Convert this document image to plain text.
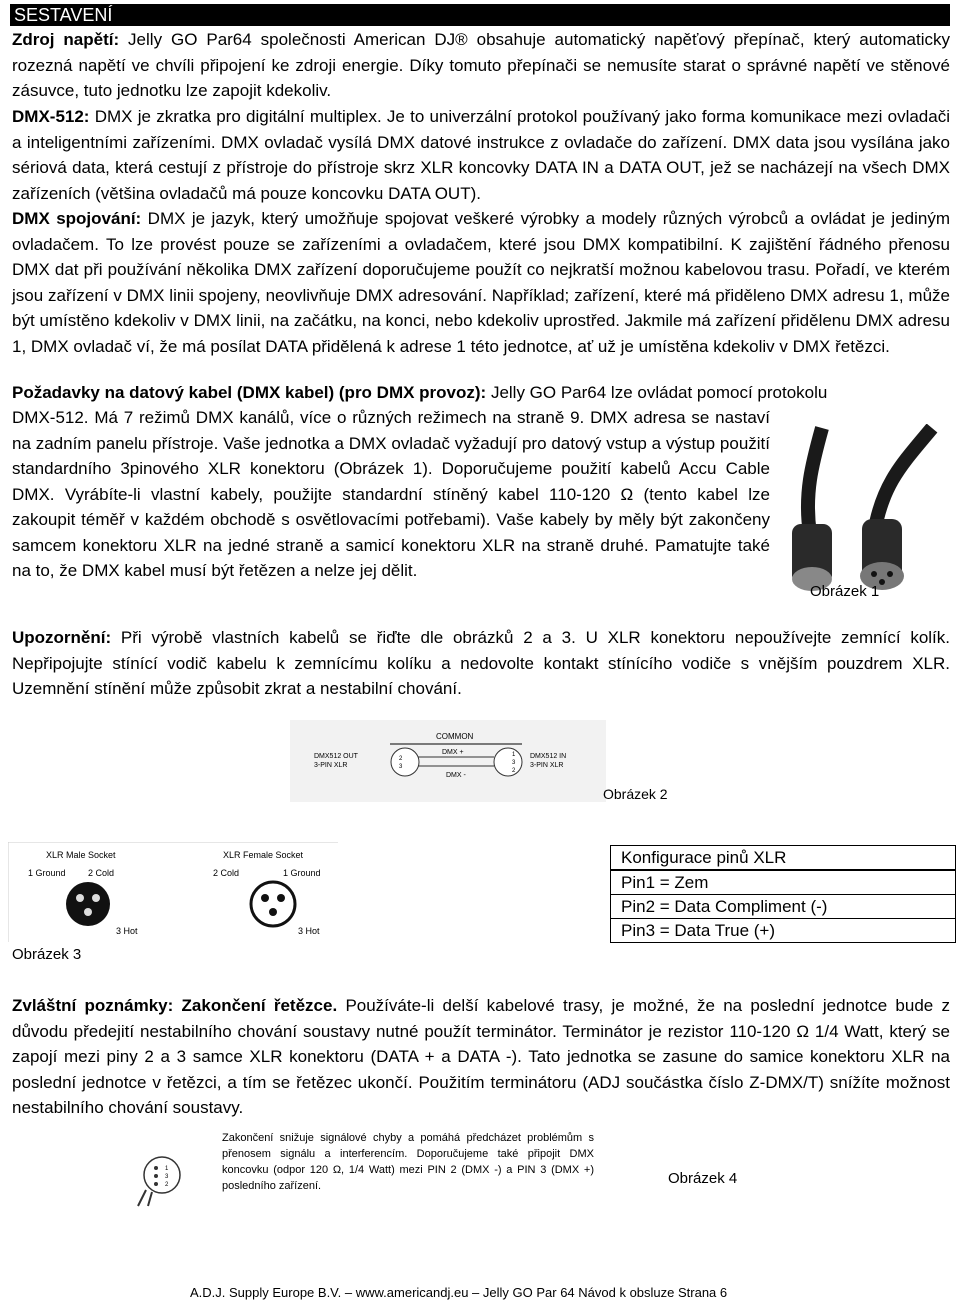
SESTAVENÍ

Zdroj napětí: Jelly GO Par64 společnosti American DJ® obsahuje automatický napěťový přepínač, který automaticky rozezná napětí ve chvíli připojení ke zdroji energie. Díky tomuto přepínači se nemusíte starat o správné napětí ve stěnové zásuvce, tuto jednotku lze zapojit kdekoliv.

DMX-512: DMX je zkratka pro digitální multiplex. Je to univerzální protokol používaný jako forma komunikace mezi ovladači a inteligentními zařízeními. DMX ovladač vysílá DMX datové instrukce z ovladače do zařízení. DMX data jsou vysílána jako sériová data, která cestují z přístroje do přístroje skrz XLR koncovky DATA IN a DATA OUT, jež se nacházejí na všech DMX zařízeních (většina ovladačů má pouze koncovku DATA OUT).

DMX spojování: DMX je jazyk, který umožňuje spojovat veškeré výrobky a modely různých výrobců a ovládat je jediným ovladačem. To lze provést pouze se zařízeními a ovladačem, které jsou DMX kompatibilní. K zajištění řádného přenosu DMX dat při používání několika DMX zařízení doporučujeme použít co nejkratší možnou kabelovou trasu. Pořadí, ve kterém jsou zařízení v DMX linii spojeny, neovlivňuje DMX adresování. Například; zařízení, které má přiděleno DMX adresu 1, může být umístěno kdekoliv v DMX linii, na začátku, na konci, nebo kdekoliv uprostřed. Jakmile má zařízení přidělenu DMX adresu 1, DMX ovladač ví, že má posílat DATA přidělená k adrese 1 této jednotce, ať už je umístěna kdekoliv v DMX řetězci.

Požadavky na datový kabel (DMX kabel) (pro DMX provoz): Jelly GO Par64 lze ovládat pomocí protokolu

DMX-512. Má 7 režimů DMX kanálů, více o různých režimech na straně 9. DMX adresa se nastaví na zadním panelu přístroje. Vaše jednotka a DMX ovladač vyžadují pro datový vstup a výstup použití standardního 3pinového XLR konektoru (Obrázek 1). Doporučujeme použití kabelů Accu Cable DMX. Vyrábíte-li vlastní kabely, použijte standardní stíněný kabel 110-120 Ω (tento kabel lze zakoupit téměř v každém obchodě s osvětlovacími potřebami). Vaše kabely by měly být zakončeny samcem konektoru XLR na jedné straně a samicí konektoru XLR na straně druhé. Pamatujte také na to, že DMX kabel musí být řetězen a nelze jej dělit.

Obrázek 1

Upozornění: Při výrobě vlastních kabelů se řiďte dle obrázků 2 a 3. U XLR konektoru nepoužívejte zemnící kolík. Nepřipojujte stínící vodič kabelu k zemnícímu kolíku a nedovolte kontakt stínícího vodiče s vnějším pouzdrem XLR. Uzemnění stínění může způsobit zkrat a nestabilní chování.

COMMON
DMX512 OUT
3-PIN XLR
2
3
1
3
2
DMX +
DMX -
DMX512 IN
3-PIN XLR
Obrázek 2
XLR Male Socket
1 Ground 2 Cold
3 Hot
XLR Female Socket
2 Cold	1 Ground
3 Hot
Obrázek 3
Konfigurace pinů XLR
Pin1 = Zem
Pin2 = Data Compliment (-)
Pin3 = Data True (+)

Zvláštní poznámky: Zakončení řetězce. Používáte-li delší kabelové trasy, je možné, že na poslední jednotce bude z důvodu předejití nestabilního chování soustavy nutné použít terminátor. Terminátor je rezistor 110-120 Ω 1/4 Watt, který se zapojí mezi piny 2 a 3 samce XLR konektoru (DATA + a DATA -). Tato jednotka se zasune do samice konektoru XLR na poslední jednotce v řetězci, a tím se řetězec ukončí. Použitím terminátoru (ADJ součástka číslo Z-DMX/T) snížíte možnost nestabilního chování soustavy.

1
3
2
Zakončení snižuje signálové chyby a pomáhá předcházet problémům s přenosem signálu a interferencím. Doporučujeme také připojit DMX koncovku (odpor 120 Ω, 1/4 Watt) mezi PIN 2 (DMX -) a PIN 3 (DMX +) posledního zařízení.	Obrázek 4
A.D.J. Supply Europe B.V. – www.americandj.eu – Jelly GO Par 64 Návod k obsluze Strana 6
